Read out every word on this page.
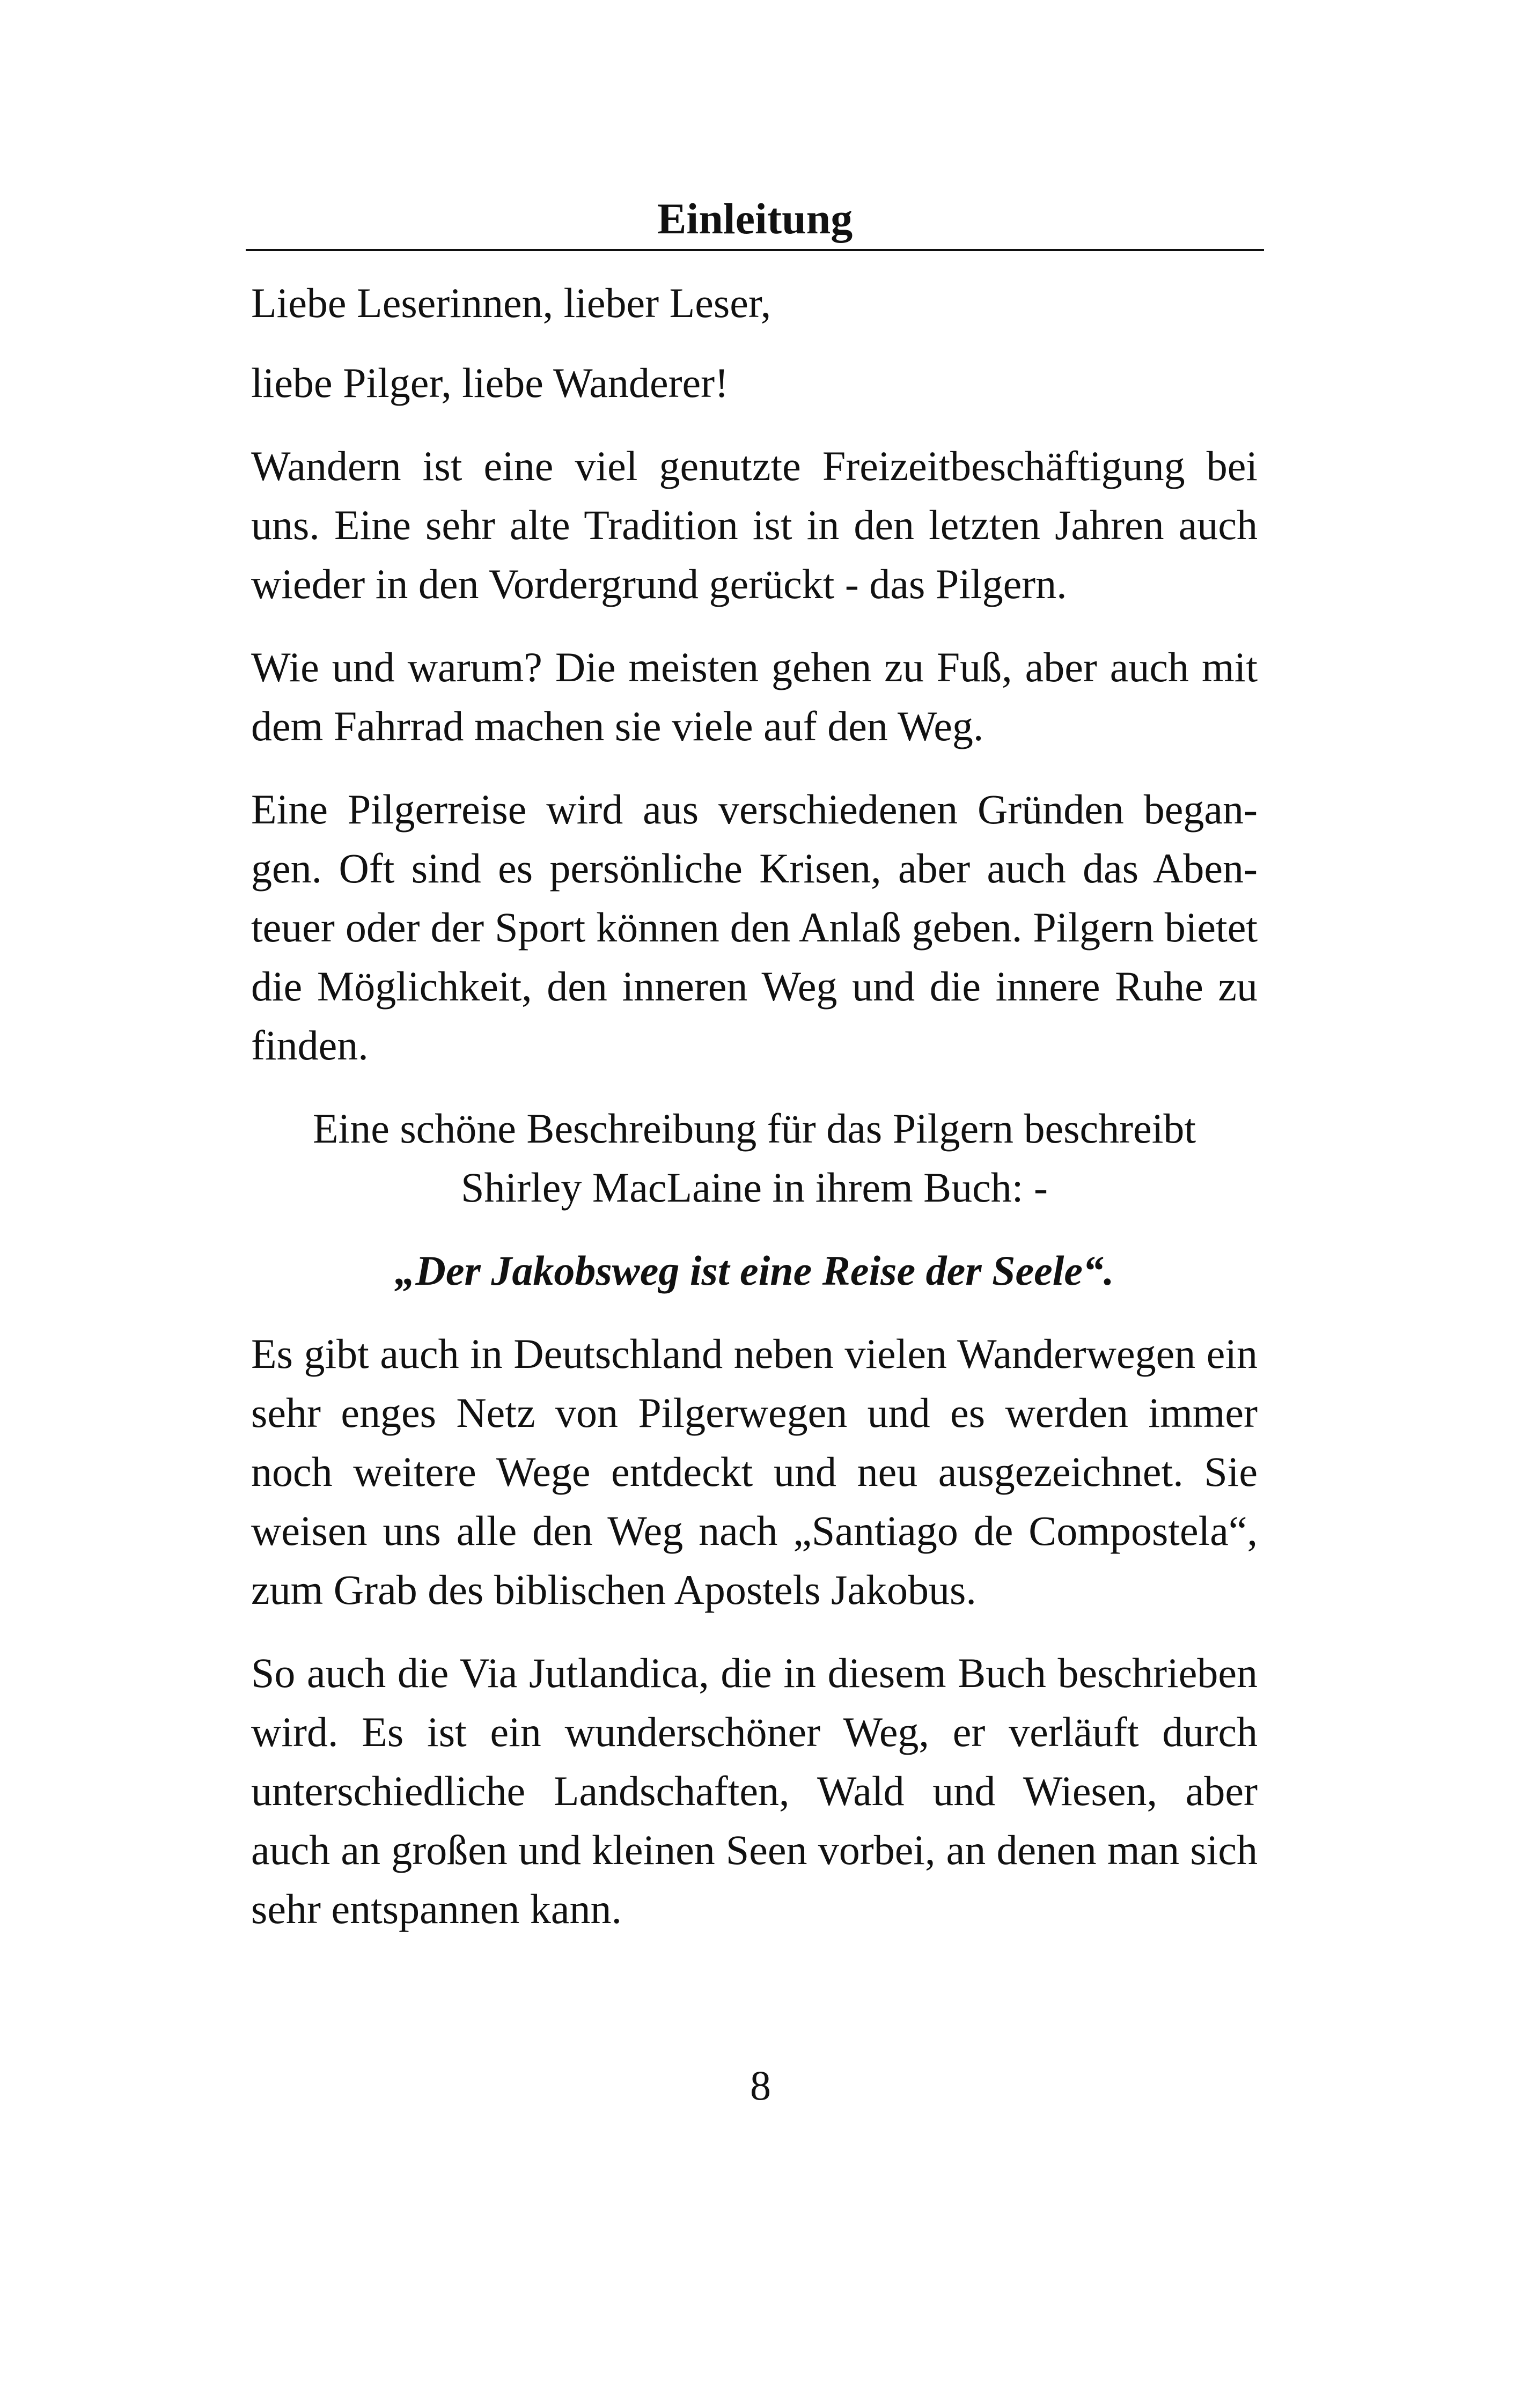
Einleitung

Liebe Leserinnen, lieber Leser,

liebe Pilger, liebe Wanderer!

Wandern ist eine viel genutzte Freizeitbeschäftigung bei uns. Eine sehr alte Tradition ist in den letzten Jahren auch wieder in den Vordergrund gerückt - das Pilgern.

Wie und warum? Die meisten gehen zu Fuß, aber auch mit dem Fahrrad machen sie viele auf den Weg.

Eine Pilgerreise wird aus verschiedenen Gründen begangen. Oft sind es persönliche Krisen, aber auch das Abenteuer oder der Sport können den Anlaß geben. Pilgern bietet die Möglichkeit, den inneren Weg und die innere Ruhe zu finden.

Eine schöne Beschreibung für das Pilgern beschreibt

Shirley MacLaine in ihrem Buch: -

„Der Jakobsweg ist eine Reise der Seele“.

Es gibt auch in Deutschland neben vielen Wanderwegen ein sehr enges Netz von Pilgerwegen und es werden immer noch weitere Wege entdeckt und neu ausgezeichnet. Sie weisen uns alle den Weg nach „Santiago de Compostela“, zum Grab des biblischen Apostels Jakobus.

So auch die Via Jutlandica, die in diesem Buch beschrieben wird. Es ist ein wunderschöner Weg, er verläuft durch unterschiedliche Landschaften, Wald und Wiesen, aber auch an großen und kleinen Seen vorbei, an denen man sich sehr entspannen kann.

8
